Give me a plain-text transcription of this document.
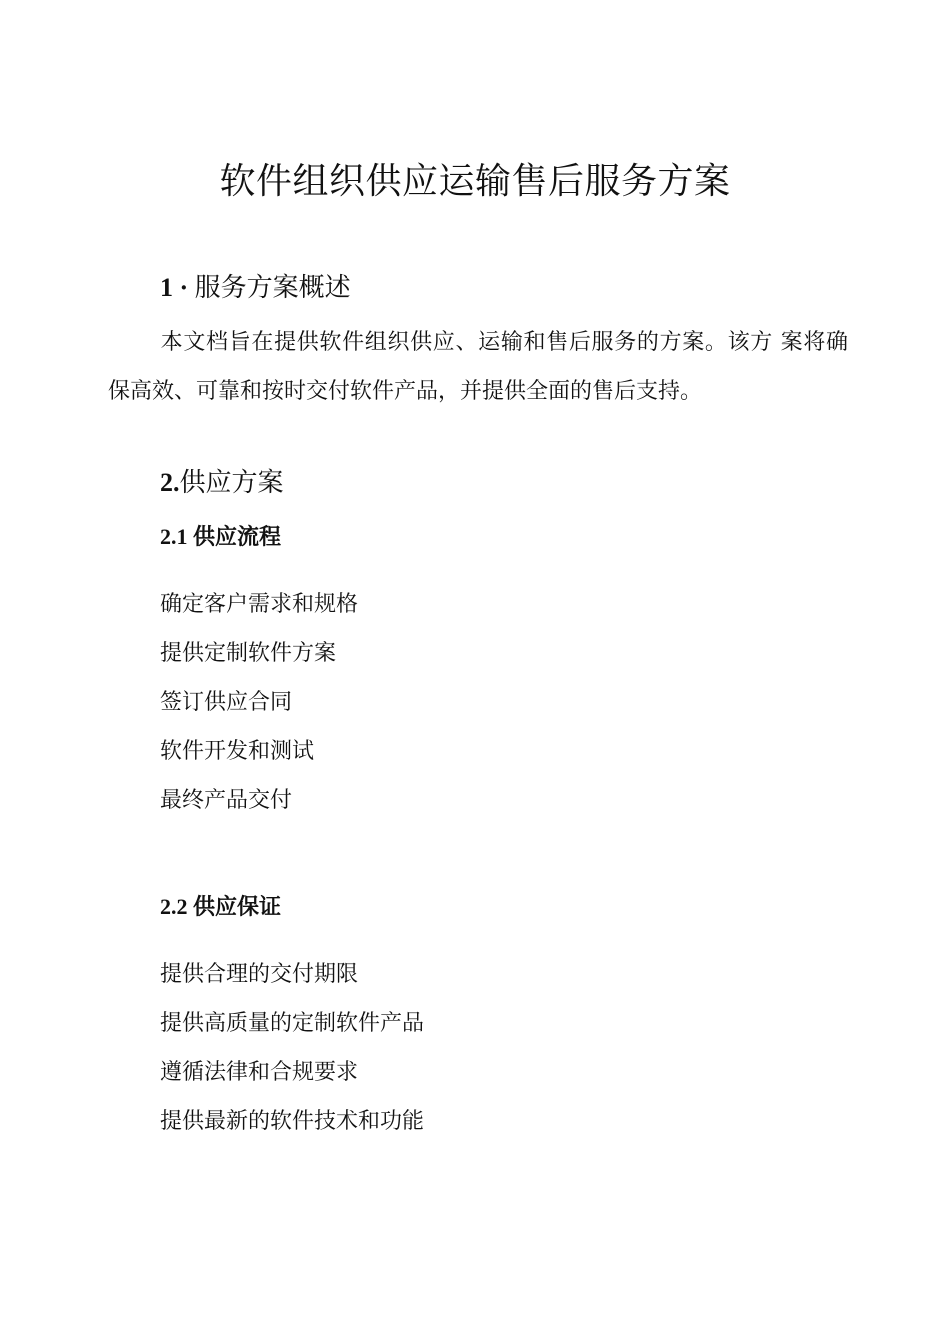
软件组织供应运输售后服务方案
1 · 服务方案概述

本文档旨在提供软件组织供应、运输和售后服务的方案。该方 案将确保高效、可靠和按时交付软件产品，并提供全面的售后支持。

2.供应方案
2.1 供应流程
确定客户需求和规格
提供定制软件方案
签订供应合同
软件开发和测试
最终产品交付
2.2 供应保证
提供合理的交付期限
提供高质量的定制软件产品
遵循法律和合规要求
提供最新的软件技术和功能
